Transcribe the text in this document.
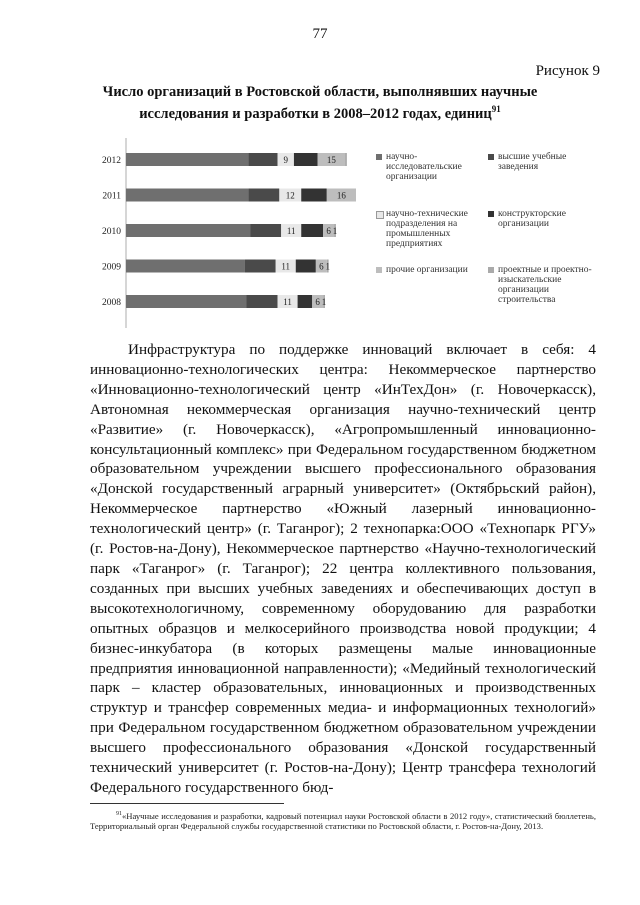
77
Рисунок 9
Число организаций в Ростовской области, выполнявших научные исследования и разработки в 2008–2012 годах, единиц$^{91}$
2012	9	15
2011	12	16
2010	11	6 1
2009	11	6 1
2008	11	6 1
научно-исследовательские организации
высшие учебные заведения
научно-технические подразделения на промышленных предприятиях
конструкторские организации
прочие организации	проектные и проектно-изыскательские организации строительства

Инфраструктура по поддержке инноваций включает в себя: 4 инновационно-технологических центра: Некоммерческое партнерство «Инновационно-технологический центр «ИнТехДон» (г. Новочеркасск), Автономная некоммерческая организация научно-технический центр «Развитие» (г. Новочеркасск), «Агропромышленный инновационно-консультационный комплекс» при Федеральном государственном бюджетном образовательном учреждении высшего профессионального образования «Донской государственный аграрный университет» (Октябрьский район), Некоммерческое партнерство «Южный лазерный инновационно-технологический центр» (г. Таганрог); 2 технопарка:ООО «Технопарк РГУ» (г. Ростов-на-Дону), Некоммерческое партнерство «Научно-технологический парк «Таганрог» (г. Таганрог); 22 центра коллективного пользования, созданных при высших учебных заведениях и обеспечивающих доступ в высокотехнологичному, современному оборудованию для разработки опытных образцов и мелкосерийного производства новой продукции; 4 бизнес-инкубатора (в которых размещены малые инновационные предприятия инновационной направленности); «Медийный технологический парк – кластер образовательных, инновационных и производственных структур и трансфер современных медиа- и информационных технологий» при Федеральном государственном бюджетном образовательном учреждении высшего профессионального образования «Донской государственный технический университет (г. Ростов-на-Дону); Центр трансфера технологий Федерального государственного бюд-

$^{91}$«Научные исследования и разработки, кадровый потенциал науки Ростовской области в 2012 году», статистический бюллетень, Территориальный орган Федеральной службы государственной статистики по Ростовской области, г. Ростов-на-Дону, 2013.
